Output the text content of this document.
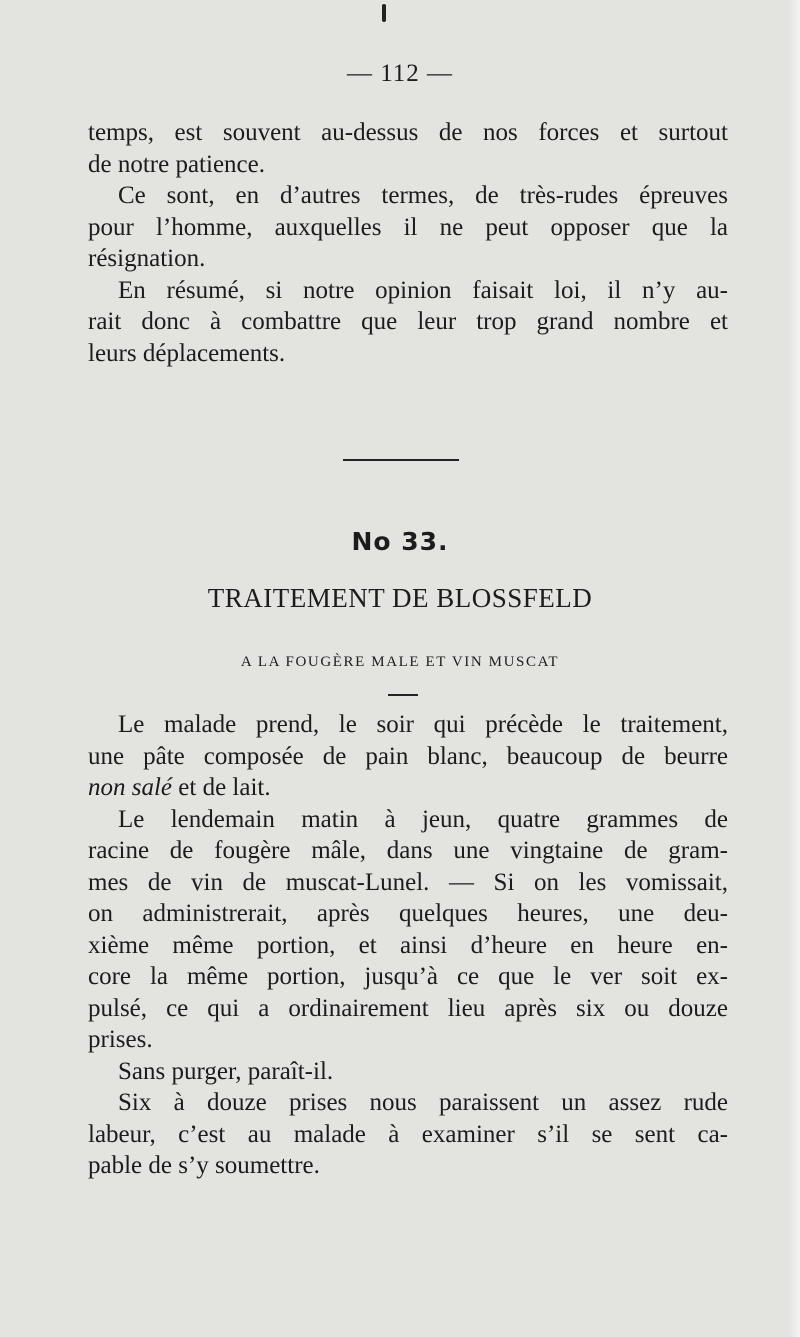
— 112 —
temps, est souvent au-dessus de nos forces et surtout
de notre patience.
Ce sont, en d’autres termes, de très-rudes épreuves
pour l’homme, auxquelles il ne peut opposer que la
résignation.
En résumé, si notre opinion faisait loi, il n’y au-
rait donc à combattre que leur trop grand nombre et
leurs déplacements.
No 33.
TRAITEMENT DE BLOSSFELD
A LA FOUGÈRE MALE ET VIN MUSCAT
Le malade prend, le soir qui précède le traitement,
une pâte composée de pain blanc, beaucoup de beurre
non salé et de lait.
Le lendemain matin à jeun, quatre grammes de
racine de fougère mâle, dans une vingtaine de gram-
mes de vin de muscat-Lunel. — Si on les vomissait,
on administrerait, après quelques heures, une deu-
xième même portion, et ainsi d’heure en heure en-
core la même portion, jusqu’à ce que le ver soit ex-
pulsé, ce qui a ordinairement lieu après six ou douze
prises.
Sans purger, paraît-il.
Six à douze prises nous paraissent un assez rude
labeur, c’est au malade à examiner s’il se sent ca-
pable de s’y soumettre.
